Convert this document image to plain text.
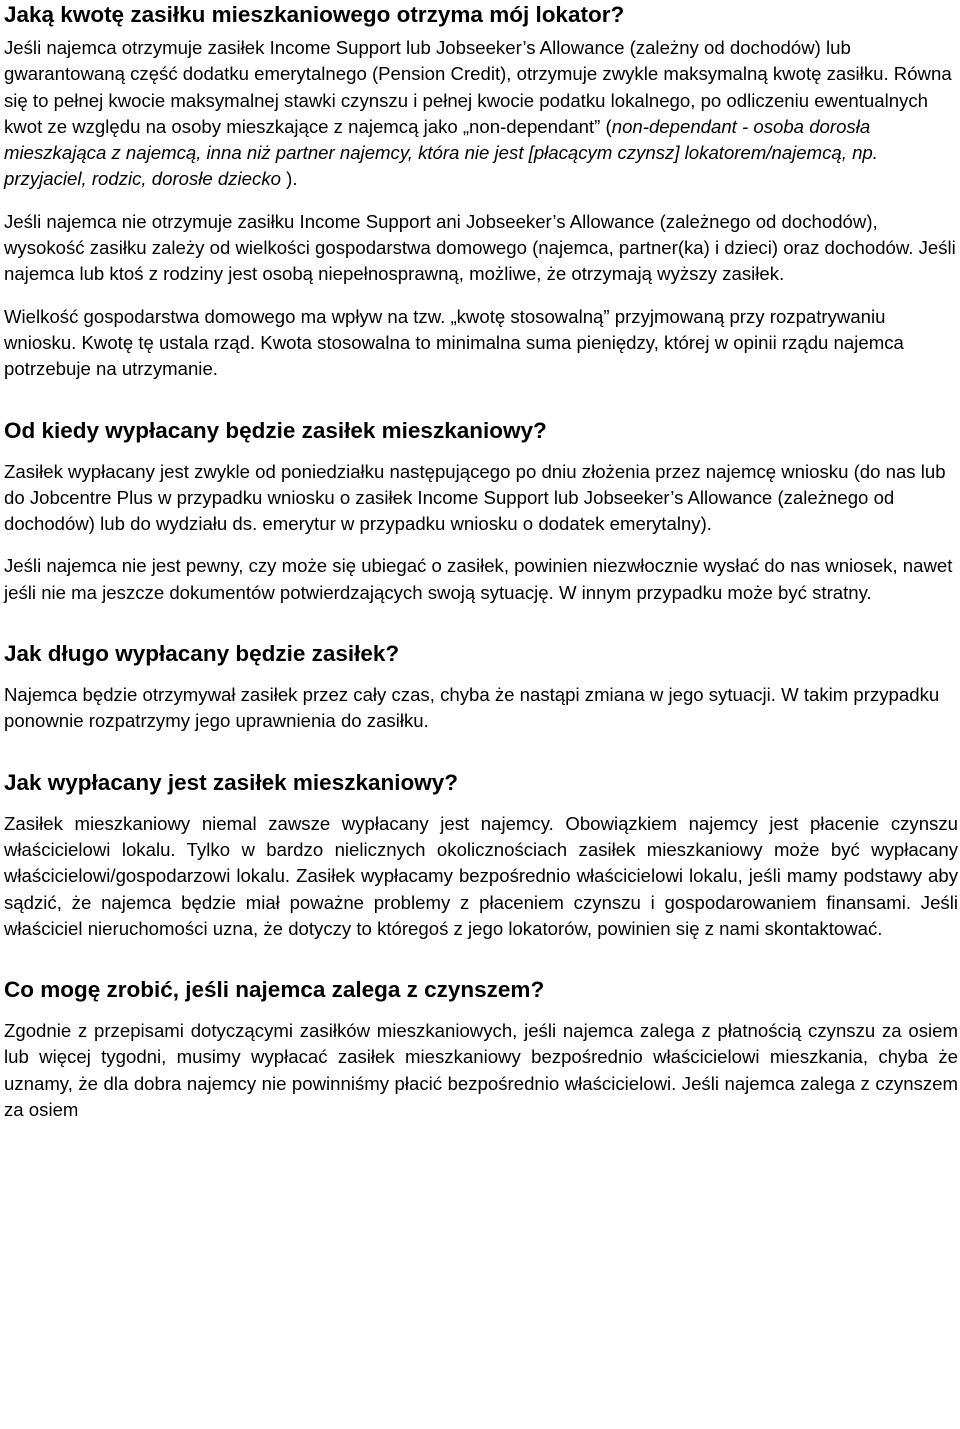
Jaką kwotę zasiłku mieszkaniowego otrzyma mój lokator?

Jeśli najemca otrzymuje zasiłek Income Support lub Jobseeker’s Allowance (zależny od dochodów) lub gwarantowaną część dodatku emerytalnego (Pension Credit), otrzymuje zwykle maksymalną kwotę zasiłku. Równa się to pełnej kwocie maksymalnej stawki czynszu i pełnej kwocie podatku lokalnego, po odliczeniu ewentualnych kwot ze względu na osoby mieszkające z najemcą jako „non-dependant” (non-dependant - osoba dorosła mieszkająca z najemcą, inna niż partner najemcy, która nie jest [płacącym czynsz] lokatorem/najemcą, np. przyjaciel, rodzic, dorosłe dziecko ).

Jeśli najemca nie otrzymuje zasiłku Income Support ani Jobseeker’s Allowance (zależnego od dochodów), wysokość zasiłku zależy od wielkości gospodarstwa domowego (najemca, partner(ka) i dzieci) oraz dochodów. Jeśli najemca lub ktoś z rodziny jest osobą niepełnosprawną, możliwe, że otrzymają wyższy zasiłek.

Wielkość gospodarstwa domowego ma wpływ na tzw. „kwotę stosowalną” przyjmowaną przy rozpatrywaniu wniosku. Kwotę tę ustala rząd. Kwota stosowalna to minimalna suma pieniędzy, której w opinii rządu najemca potrzebuje na utrzymanie.

Od kiedy wypłacany będzie zasiłek mieszkaniowy?

Zasiłek wypłacany jest zwykle od poniedziałku następującego po dniu złożenia przez najemcę wniosku (do nas lub do Jobcentre Plus w przypadku wniosku o zasiłek Income Support lub Jobseeker’s Allowance (zależnego od dochodów) lub do wydziału ds. emerytur w przypadku wniosku o dodatek emerytalny).

Jeśli najemca nie jest pewny, czy może się ubiegać o zasiłek, powinien niezwłocznie wysłać do nas wniosek, nawet jeśli nie ma jeszcze dokumentów potwierdzających swoją sytuację. W innym przypadku może być stratny.

Jak długo wypłacany będzie zasiłek?

Najemca będzie otrzymywał zasiłek przez cały czas, chyba że nastąpi zmiana w jego sytuacji. W takim przypadku ponownie rozpatrzymy jego uprawnienia do zasiłku.

Jak wypłacany jest zasiłek mieszkaniowy?

Zasiłek mieszkaniowy niemal zawsze wypłacany jest najemcy. Obowiązkiem najemcy jest płacenie czynszu właścicielowi lokalu. Tylko w bardzo nielicznych okolicznościach zasiłek mieszkaniowy może być wypłacany właścicielowi/gospodarzowi lokalu. Zasiłek wypłacamy bezpośrednio właścicielowi lokalu, jeśli mamy podstawy aby sądzić, że najemca będzie miał poważne problemy z płaceniem czynszu i gospodarowaniem finansami. Jeśli właściciel nieruchomości uzna, że dotyczy to któregoś z jego lokatorów, powinien się z nami skontaktować.

Co mogę zrobić, jeśli najemca zalega z czynszem?

Zgodnie z przepisami dotyczącymi zasiłków mieszkaniowych, jeśli najemca zalega z płatnością czynszu za osiem lub więcej tygodni, musimy wypłacać zasiłek mieszkaniowy bezpośrednio właścicielowi mieszkania, chyba że uznamy, że dla dobra najemcy nie powinniśmy płacić bezpośrednio właścicielowi. Jeśli najemca zalega z czynszem za osiem
